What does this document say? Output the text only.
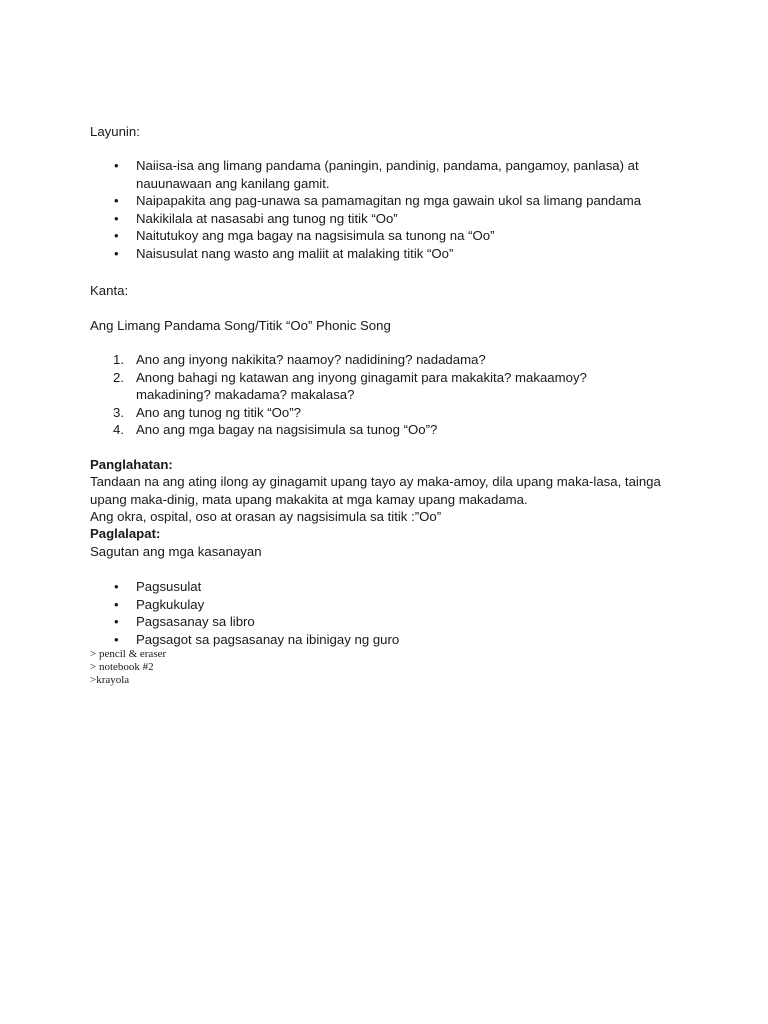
Layunin:
• Naiisa-isa ang limang pandama (paningin, pandinig, pandama, pangamoy, panlasa) at nauunawaan ang kanilang gamit.
• Naipapakita ang pag-unawa sa pamamagitan ng mga gawain ukol sa limang pandama
• Nakikilala at nasasabi ang tunog ng titik “Oo”
• Naitutukoy ang mga bagay na nagsisimula sa tunong na “Oo”
• Naisusulat nang wasto ang maliit at malaking titik “Oo”
Kanta:
Ang Limang Pandama Song/Titik “Oo” Phonic Song
1. Ano ang inyong nakikita? naamoy? nadidining? nadadama?
2. Anong bahagi ng katawan ang inyong ginagamit para makakita? makaamoy? makadining? makadama? makalasa?
3. Ano ang tunog ng titik “Oo”?
4. Ano ang mga bagay na nagsisimula sa tunog “Oo”?
Panglahatan:
Tandaan na ang ating ilong ay ginagamit upang tayo ay maka-amoy, dila upang maka-lasa, tainga upang maka-dinig, mata upang makakita at mga kamay upang makadama.
Ang okra, ospital, oso at orasan ay nagsisimula sa titik :”Oo”
Paglalapat:
Sagutan ang mga kasanayan
• Pagsusulat
• Pagkukulay
• Pagsasanay sa libro
• Pagsagot sa pagsasanay na ibinigay ng guro
> pencil & eraser
> notebook #2
>krayola
